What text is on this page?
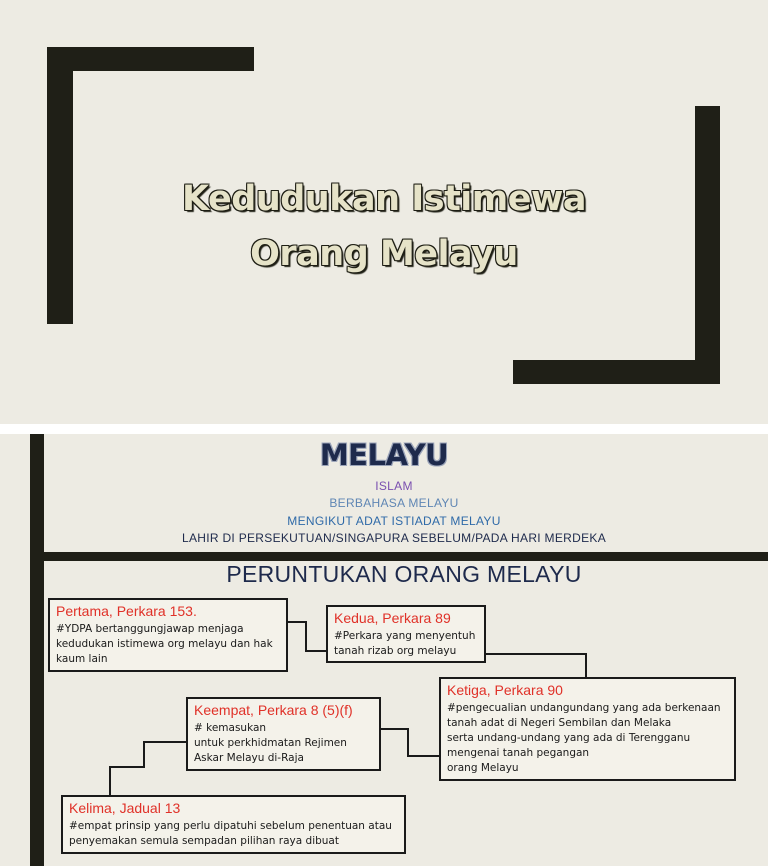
Kedudukan Istimewa
Orang Melayu
MELAYU
ISLAM
BERBAHASA MELAYU
MENGIKUT ADAT ISTIADAT MELAYU
LAHIR DI PERSEKUTUAN/SINGAPURA SEBELUM/PADA HARI MERDEKA
PERUNTUKAN ORANG MELAYU
Pertama, Perkara 153.
#YDPA bertanggungjawap menjaga
kedudukan istimewa org melayu dan hak
kaum lain
Kedua, Perkara 89
#Perkara yang menyentuh
tanah rizab org melayu
Ketiga, Perkara 90
#pengecualian undangundang yang ada berkenaan
tanah adat di Negeri Sembilan dan Melaka
serta undang-undang yang ada di Terengganu
mengenai tanah pegangan
orang Melayu
Keempat, Perkara 8 (5)(f)
# kemasukan
untuk perkhidmatan Rejimen
Askar Melayu di-Raja
Kelima, Jadual 13
#empat prinsip yang perlu dipatuhi sebelum penentuan atau
penyemakan semula sempadan pilihan raya dibuat
